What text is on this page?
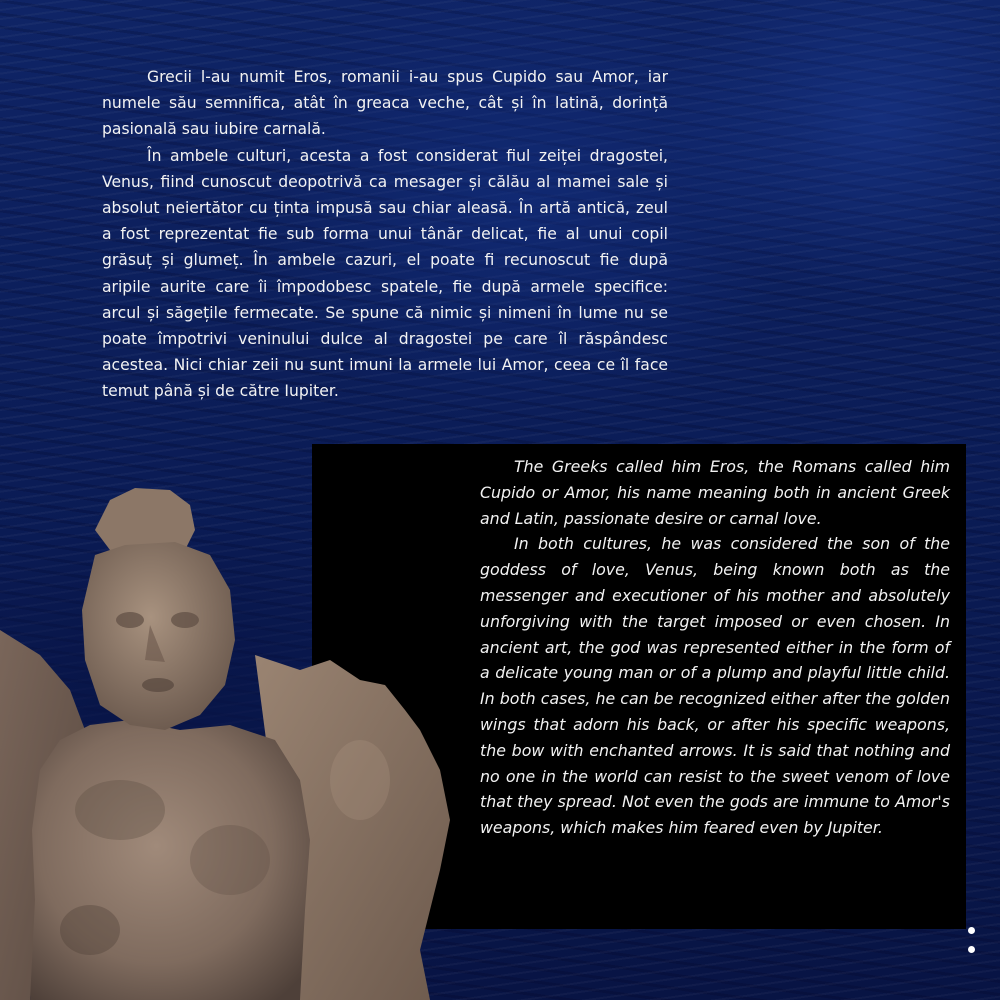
Grecii l-au numit Eros, romanii i-au spus Cupido sau Amor, iar numele său semnifica, atât în greaca veche, cât și în latină, dorință pasională sau iubire carnală.

În ambele culturi, acesta a fost considerat fiul zeiței dragostei, Venus, fiind cunoscut deopotrivă ca mesager și călău al mamei sale și absolut neiertător cu ținta impusă sau chiar aleasă. În artă antică, zeul a fost reprezentat fie sub forma unui tânăr delicat, fie al unui copil grăsuț și glumeț. În ambele cazuri, el poate fi recunoscut fie după aripile aurite care îi împodobesc spatele, fie după armele specifice: arcul și săgețile fermecate. Se spune că nimic și nimeni în lume nu se poate împotrivi veninului dulce al dragostei pe care îl răspândesc acestea. Nici chiar zeii nu sunt imuni la armele lui Amor, ceea ce îl face temut până și de către Iupiter.

The Greeks called him Eros, the Romans called him Cupido or Amor, his name meaning both in ancient Greek and Latin, passionate desire or carnal love.

In both cultures, he was considered the son of the goddess of love, Venus, being known both as the messenger and executioner of his mother and absolutely unforgiving with the target imposed or even chosen. In ancient art, the god was represented either in the form of a delicate young man or of a plump and playful little child. In both cases, he can be recognized either after the golden wings that adorn his back, or after his specific weapons, the bow with enchanted arrows. It is said that nothing and no one in the world can resist to the sweet venom of love that they spread. Not even the gods are immune to Amor's weapons, which makes him feared even by Jupiter.
